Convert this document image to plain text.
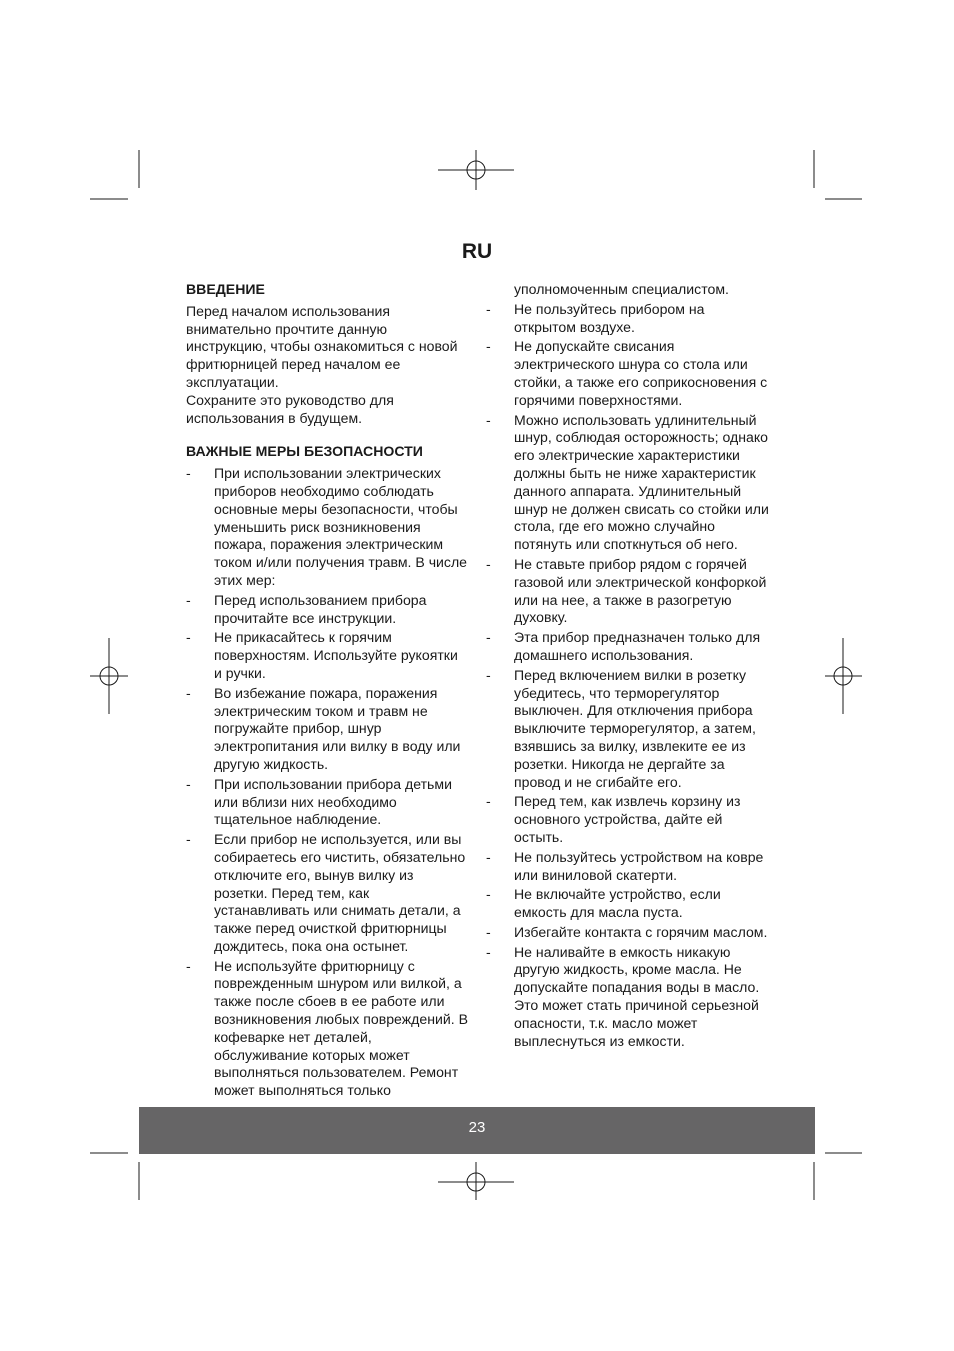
RU
ВВЕДЕНИЕ

Перед началом использования внимательно прочтите данную инструкцию, чтобы ознакомиться с новой фритюрницей перед началом ее эксплуатации.

Сохраните это руководство для использования в будущем.

ВАЖНЫЕ МЕРЫ БЕЗОПАСНОСТИ
- При использовании электрических приборов необходимо соблюдать основные меры безопасности, чтобы уменьшить риск возникновения пожара, поражения электрическим током и/или получения травм. В числе этих мер:
- Перед использованием прибора прочитайте все инструкции.
- Не прикасайтесь к горячим поверхностям. Используйте рукоятки и ручки.
- Во избежание пожара, поражения электрическим током и травм не погружайте прибор, шнур электропитания или вилку в воду или другую жидкость.
- При использовании прибора детьми или вблизи них необходимо тщательное наблюдение.
- Если прибор не используется, или вы собираетесь его чистить, обязательно отключите его, вынув вилку из розетки. Перед тем, как устанавливать или снимать детали, а также перед очисткой фритюрницы дождитесь, пока она остынет.
- Не используйте фритюрницу с поврежденным шнуром или вилкой, а также после сбоев в ее работе или возникновения любых повреждений. В кофеварке нет деталей, обслуживание которых может выполняться пользователем. Ремонт может выполняться только

уполномоченным специалистом.

- Не пользуйтесь прибором на открытом воздухе.
- Не допускайте свисания электрического шнура со стола или стойки, а также его соприкосновения с горячими поверхностями.
- Можно использовать удлинительный шнур, соблюдая осторожность; однако его электрические характеристики должны быть не ниже характеристик данного аппарата. Удлинительный шнур не должен свисать со стойки или стола, где его можно случайно потянуть или споткнуться об него.
- Не ставьте прибор рядом с горячей газовой или электрической конфоркой или на нее, а также в разогретую духовку.
- Эта прибор предназначен только для домашнего использования.
- Перед включением вилки в розетку убедитесь, что терморегулятор выключен. Для отключения прибора выключите терморегулятор, а затем, взявшись за вилку, извлеките ее из розетки. Никогда не дергайте за провод и не сгибайте его.
- Перед тем, как извлечь корзину из основного устройства, дайте ей остыть.
- Не пользуйтесь устройством на ковре или виниловой скатерти.
- Не включайте устройство, если емкость для масла пуста.
- Избегайте контакта с горячим маслом.
- Не наливайте в емкость никакую другую жидкость, кроме масла. Не допускайте попадания воды в масло. Это может стать причиной серьезной опасности, т.к. масло может выплеснуться из емкости.
23
